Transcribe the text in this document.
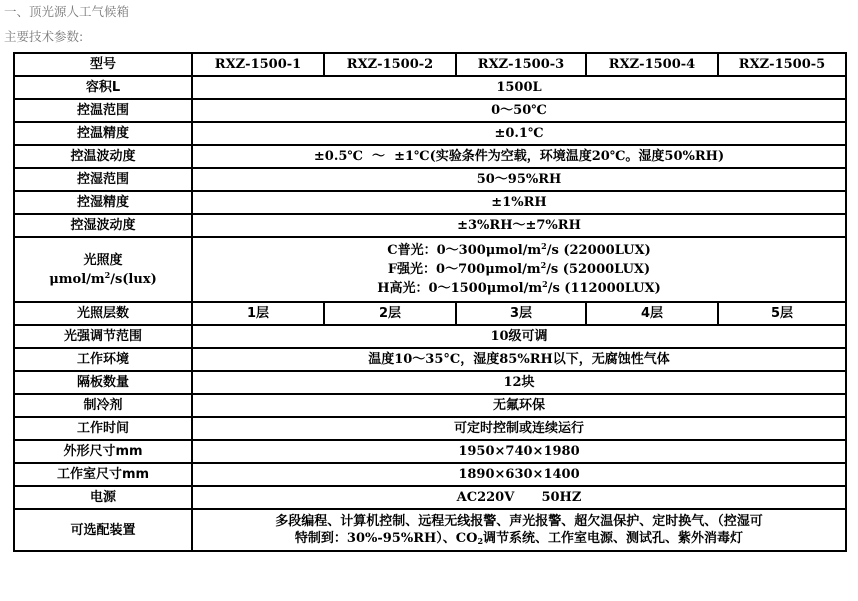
一、顶光源人工气候箱
主要技术参数:
型号	RXZ-1500-1	RXZ-1500-2	RXZ-1500-3	RXZ-1500-4	RXZ-1500-5
容积L	1500L				
控温范围	0～50℃				
控温精度	±0.1℃				
控温波动度	±0.5℃  ～  ±1℃(实验条件为空载，环境温度20℃。湿度50%RH)				
控湿范围	50～95%RH				
控湿精度	±1%RH				
控湿波动度	±3%RH～±7%RH				

光照度
μmol/$m^2/s(lux)$	C普光：$0\sim 300\mu mol/m^2/s$ (22000LUX)
F强光：$0\sim 700\mu mol/m^2/s$ (52000LUX)
H高光：$0\sim 1500\mu mol/m^2/s$ (112000LUX)				

光照层数	1层	2层	3层	4层	5层
光强调节范围	10级可调				
工作环境	温度10～35°C，湿度85%RH以下，无腐蚀性气体				
隔板数量	12块				
制冷剂	无氟环保				
工作时间	可定时控制或连续运行				
外形尺寸mm	1950×740×1980				
工作室尺寸mm	1890×630×1400				
电源	AC220V      50HZ				
可选配装置	多段编程、计算机控制、远程无线报警、声光报警、超欠温保护、定时换气、（控湿可
特制到：30%-95%RH）、$CO_2$调节系统、工作室电源、测试孔、紫外消毒灯				
